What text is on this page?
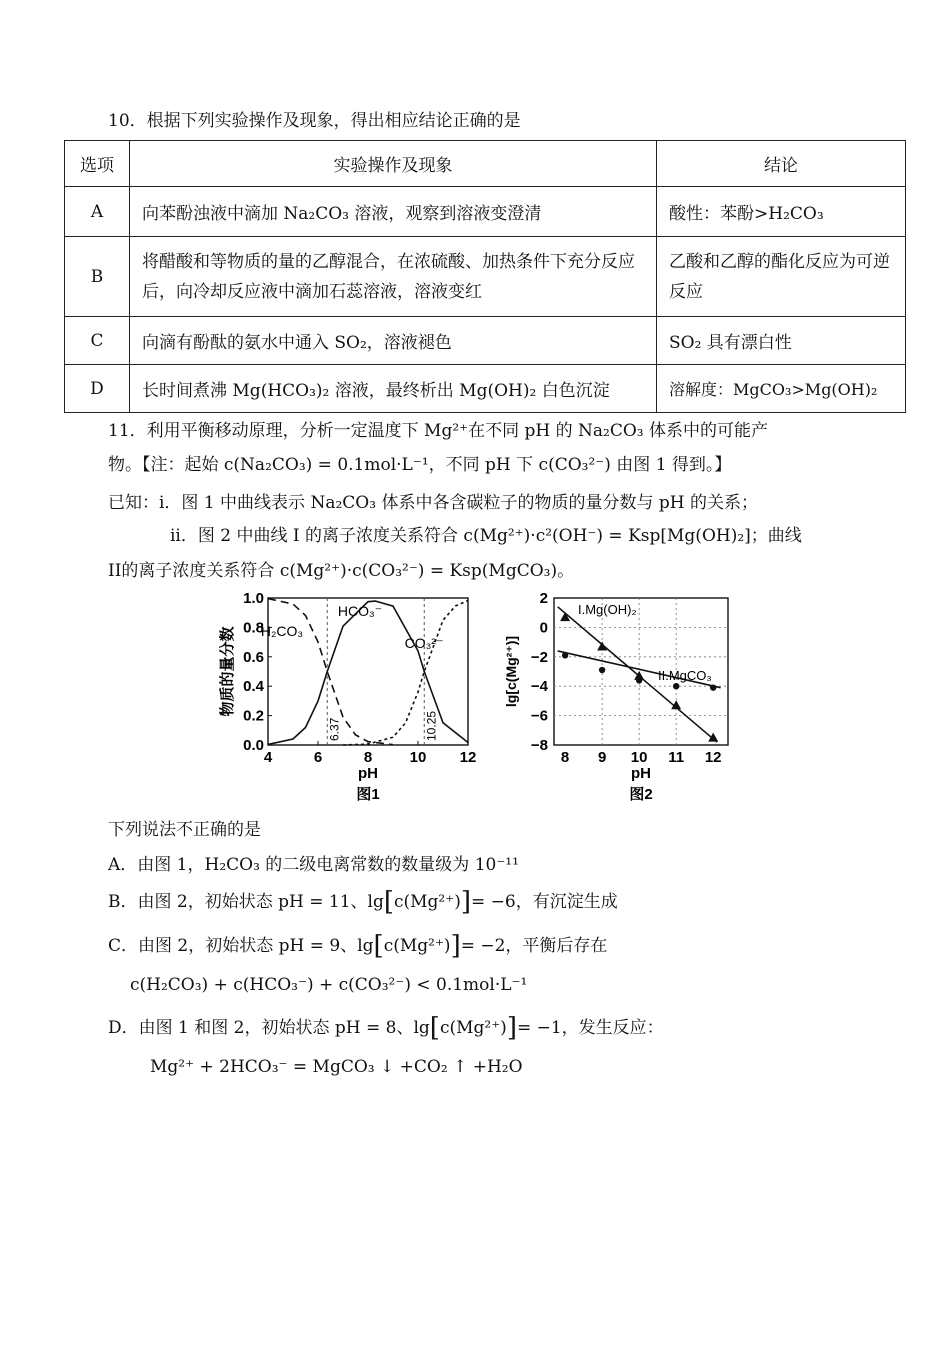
10．根据下列实验操作及现象，得出相应结论正确的是
选项	实验操作及现象	结论
A	向苯酚浊液中滴加 Na₂CO₃ 溶液，观察到溶液变澄清	酸性：苯酚>H₂CO₃
B	将醋酸和等物质的量的乙醇混合，在浓硫酸、加热条件下充分反应后，向冷却反应液中滴加石蕊溶液，溶液变红	乙酸和乙醇的酯化反应为可逆反应
C	向滴有酚酞的氨水中通入 SO₂，溶液褪色	SO₂ 具有漂白性
D	长时间煮沸 Mg(HCO₃)₂ 溶液，最终析出 Mg(OH)₂ 白色沉淀	溶解度：MgCO₃>Mg(OH)₂
11．利用平衡移动原理，分析一定温度下 Mg²⁺在不同 pH 的 Na₂CO₃ 体系中的可能产
物。【注：起始 c(Na₂CO₃) = 0.1mol·L⁻¹，不同 pH 下 c(CO₃²⁻) 由图 1 得到。】
已知：i．图 1 中曲线表示 Na₂CO₃ 体系中各含碳粒子的物质的量分数与 pH 的关系；
ii．图 2 中曲线 I 的离子浓度关系符合 c(Mg²⁺)·c²(OH⁻) = Ksp[Mg(OH)₂]；曲线
II的离子浓度关系符合 c(Mg²⁺)·c(CO₃²⁻) = Ksp(MgCO₃)。
4	6	8 10 12
0.0
0.2
0.4
0.6
0.8
1.0
pH
物质的量分数
图1
6.37	10.25
H₂CO₃
HCO₃⁻
CO₃²⁻
8 9 10 11 12
2
0
−2
−4
−6
−8
pH
lg[c(Mg²⁺)]
图2
I.Mg(OH)₂
II.MgCO₃
下列说法不正确的是
A．由图 1，H₂CO₃ 的二级电离常数的数量级为 10⁻¹¹
B．由图 2，初始状态 pH = 11、lg[c(Mg²⁺)]= −6，有沉淀生成
C．由图 2，初始状态 pH = 9、lg[c(Mg²⁺)]= −2，平衡后存在
c(H₂CO₃) + c(HCO₃⁻) + c(CO₃²⁻) < 0.1mol·L⁻¹
D．由图 1 和图 2，初始状态 pH = 8、lg[c(Mg²⁺)]= −1，发生反应：
Mg²⁺ + 2HCO₃⁻ = MgCO₃ ↓ +CO₂ ↑ +H₂O
